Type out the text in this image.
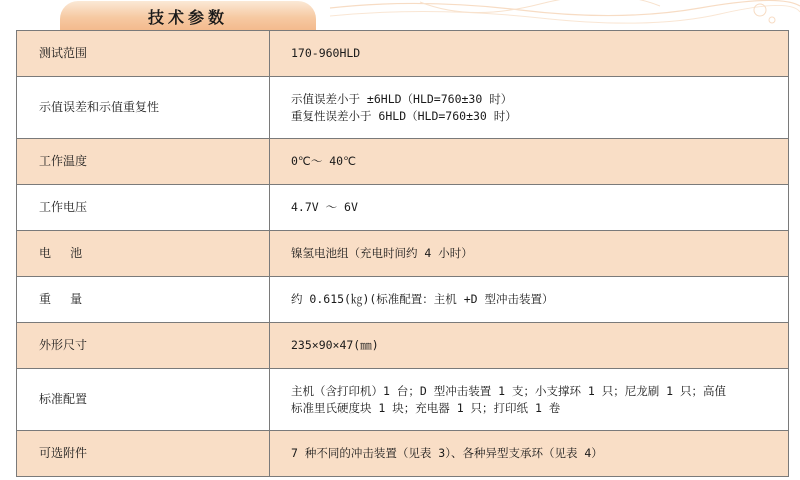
技术参数
测试范围	170-960HLD

示值误差和示值重复性	示值误差小于 ±6HLD（HLD=760±30 时）
重复性误差小于 6HLD（HLD=760±30 时）

工作温度	0℃～ 40℃

工作电压	4.7V ～ 6V

电     池	镍氢电池组（充电时间约 4 小时）

重     量	约 0.615(㎏)(标准配置：主机 +D 型冲击装置）

外形尺寸	235×90×47(㎜)

标准配置	主机（含打印机）1 台；D 型冲击装置 1 支；小支撑环 1 只；尼龙刷 1 只；高值
标准里氏硬度块 1 块；充电器 1 只；打印纸 1 卷

可选附件	7 种不同的冲击装置（见表 3）、各种异型支承环（见表 4）
